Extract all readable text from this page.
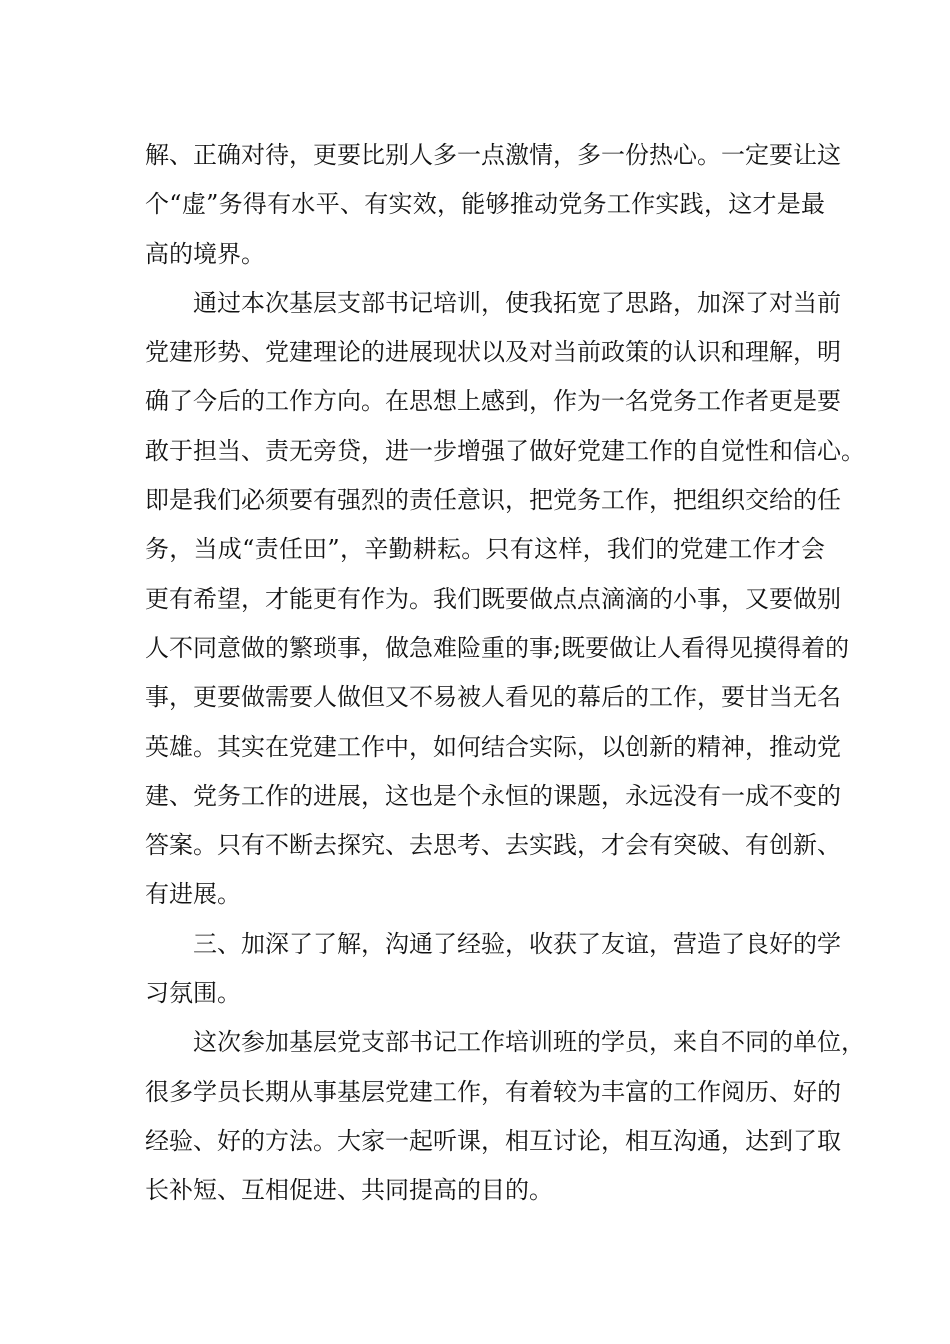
解 、 正 确 对 待 ， 更 要 比 别 人 多 一 点 激 情 ， 多 一 份 热 心 。 一 定 要 让 这
个 “ 虚 ” 务 得 有 水 平 、 有 实 效 ， 能 够 推 动 党 务 工 作 实 践 ， 这 才 是 最
高的境界。
通 过 本 次 基 层 支 部 书 记 培 训 ， 使 我 拓 宽 了 思 路 ， 加 深 了 对 当 前
党 建 形 势 、 党 建 理 论 的 进 展 现 状 以 及 对 当 前 政 策 的 认 识 和 理 解 ， 明
确 了 今 后 的 工 作 方 向 。 在 思 想 上 感 到 ， 作 为 一 名 党 务 工 作 者 更 是 要
敢 于 担 当 、 责 无 旁 贷 ， 进 一 步 增 强 了 做 好 党 建 工 作 的 自 觉 性 和 信 心 。
即 是 我 们 必 须 要 有 强 烈 的 责 任 意 识 ， 把 党 务 工 作 ， 把 组 织 交 给 的 任
务 ， 当 成 “ 责 任 田 ” ， 辛 勤 耕 耘 。 只 有 这 样 ， 我 们 的 党 建 工 作 才 会
更 有 希 望 ， 才 能 更 有 作 为 。 我 们 既 要 做 点 点 滴 滴 的 小 事 ， 又 要 做 别
人 不 同 意 做 的 繁 琐 事 ， 做 急 难 险 重 的 事 ; 既 要 做 让 人 看 得 见 摸 得 着 的
事 ， 更 要 做 需 要 人 做 但 又 不 易 被 人 看 见 的 幕 后 的 工 作 ， 要 甘 当 无 名
英 雄 。 其 实 在 党 建 工 作 中 ， 如 何 结 合 实 际 ， 以 创 新 的 精 神 ， 推 动 党
建 、 党 务 工 作 的 进 展 ， 这 也 是 个 永 恒 的 课 题 ， 永 远 没 有 一 成 不 变 的
答 案 。 只 有 不 断 去 探 究 、 去 思 考 、 去 实 践 ， 才 会 有 突 破 、 有 创 新 、
有进展。
三 、 加 深 了 了 解 ， 沟 通 了 经 验 ， 收 获 了 友 谊 ， 营 造 了 良 好 的 学
习氛围。
这 次 参 加 基 层 党 支 部 书 记 工 作 培 训 班 的 学 员 ， 来 自 不 同 的 单 位 ，
很 多 学 员 长 期 从 事 基 层 党 建 工 作 ， 有 着 较 为 丰 富 的 工 作 阅 历 、 好 的
经 验 、 好 的 方 法 。 大 家 一 起 听 课 ， 相 互 讨 论 ， 相 互 沟 通 ， 达 到 了 取
长补短、互相促进、共同提高的目的。
